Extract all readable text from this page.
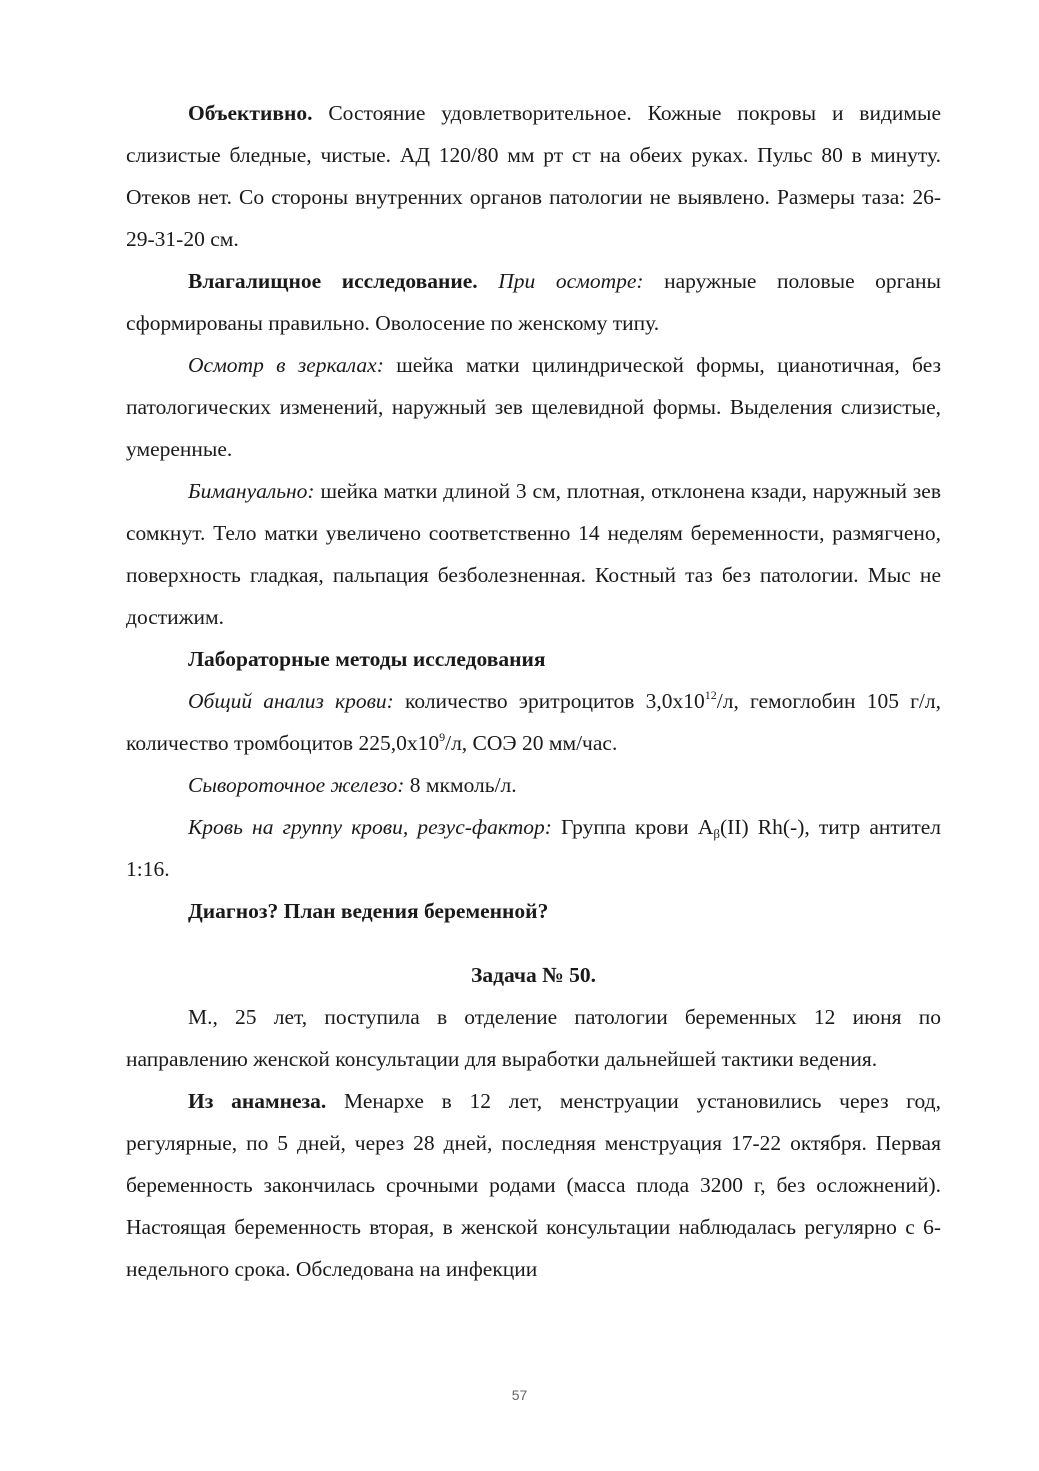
Объективно. Состояние удовлетворительное. Кожные покровы и видимые слизистые бледные, чистые. АД 120/80 мм рт ст на обеих руках. Пульс 80 в минуту. Отеков нет. Со стороны внутренних органов патологии не выявлено. Размеры таза: 26-29-31-20 см.

Влагалищное исследование. При осмотре: наружные половые органы сформированы правильно. Оволосение по женскому типу.

Осмотр в зеркалах: шейка матки цилиндрической формы, цианотичная, без патологических изменений, наружный зев щелевидной формы. Выделения слизистые, умеренные.

Бимануально: шейка матки длиной 3 см, плотная, отклонена кзади, наружный зев сомкнут. Тело матки увеличено соответственно 14 неделям беременности, размягчено, поверхность гладкая, пальпация безболезненная. Костный таз без патологии. Мыс не достижим.

Лабораторные методы исследования

Общий анализ крови: количество эритроцитов $3,0x10^{12}/л$, гемоглобин 105 г/л, количество тромбоцитов $225,0x10^9/л$, СОЭ 20 мм/час.

Сывороточное железо: 8 мкмоль/л.

Кровь на группу крови, резус-фактор: Группа крови $А_\beta(II)$ Rh(-), титр антител 1:16.

Диагноз? План ведения беременной?

Задача № 50.

М., 25 лет, поступила в отделение патологии беременных 12 июня по направлению женской консультации для выработки дальнейшей тактики ведения.

Из анамнеза. Менархе в 12 лет, менструации установились через год, регулярные, по 5 дней, через 28 дней, последняя менструация 17-22 октября. Первая беременность закончилась срочными родами (масса плода 3200 г, без осложнений). Настоящая беременность вторая, в женской консультации наблюдалась регулярно с 6-недельного срока. Обследована на инфекции

57
